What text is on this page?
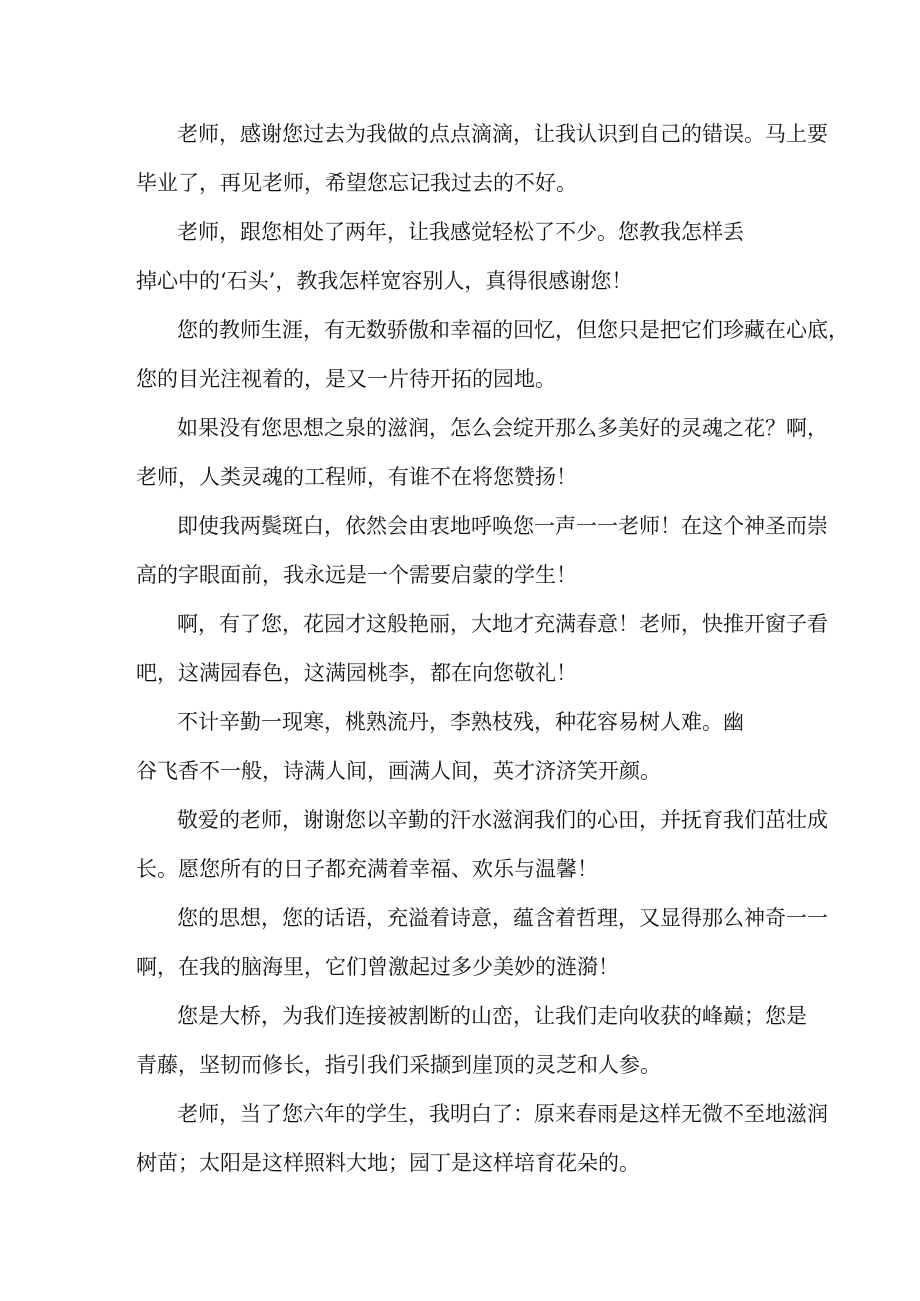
老师，感谢您过去为我做的点点滴滴，让我认识到自己的错误。马上要
毕业了，再见老师，希望您忘记我过去的不好。

老师，跟您相处了两年，让我感觉轻松了不少。您教我怎样丢
掉心中的‘石头’，教我怎样宽容别人，真得很感谢您！

您的教师生涯，有无数骄傲和幸福的回忆，但您只是把它们珍藏在心底，
您的目光注视着的，是又一片待开拓的园地。

如果没有您思想之泉的滋润，怎么会绽开那么多美好的灵魂之花？啊，
老师，人类灵魂的工程师，有谁不在将您赞扬！

即使我两鬓斑白，依然会由衷地呼唤您一声一一老师！在这个神圣而崇
高的字眼面前，我永远是一个需要启蒙的学生！

啊，有了您，花园才这般艳丽，大地才充满春意！老师，快推开窗子看
吧，这满园春色，这满园桃李，都在向您敬礼！

不计辛勤一现寒，桃熟流丹，李熟枝残，种花容易树人难。幽
谷飞香不一般，诗满人间，画满人间，英才济济笑开颜。

敬爱的老师，谢谢您以辛勤的汗水滋润我们的心田，并抚育我们茁壮成
长。愿您所有的日子都充满着幸福、欢乐与温馨！

您的思想，您的话语，充溢着诗意，蕴含着哲理，又显得那么神奇一一
啊，在我的脑海里，它们曾激起过多少美妙的涟漪！

您是大桥，为我们连接被割断的山峦，让我们走向收获的峰巅；您是
青藤，坚韧而修长，指引我们采撷到崖顶的灵芝和人参。

老师，当了您六年的学生，我明白了：原来春雨是这样无微不至地滋润
树苗；太阳是这样照料大地；园丁是这样培育花朵的。
